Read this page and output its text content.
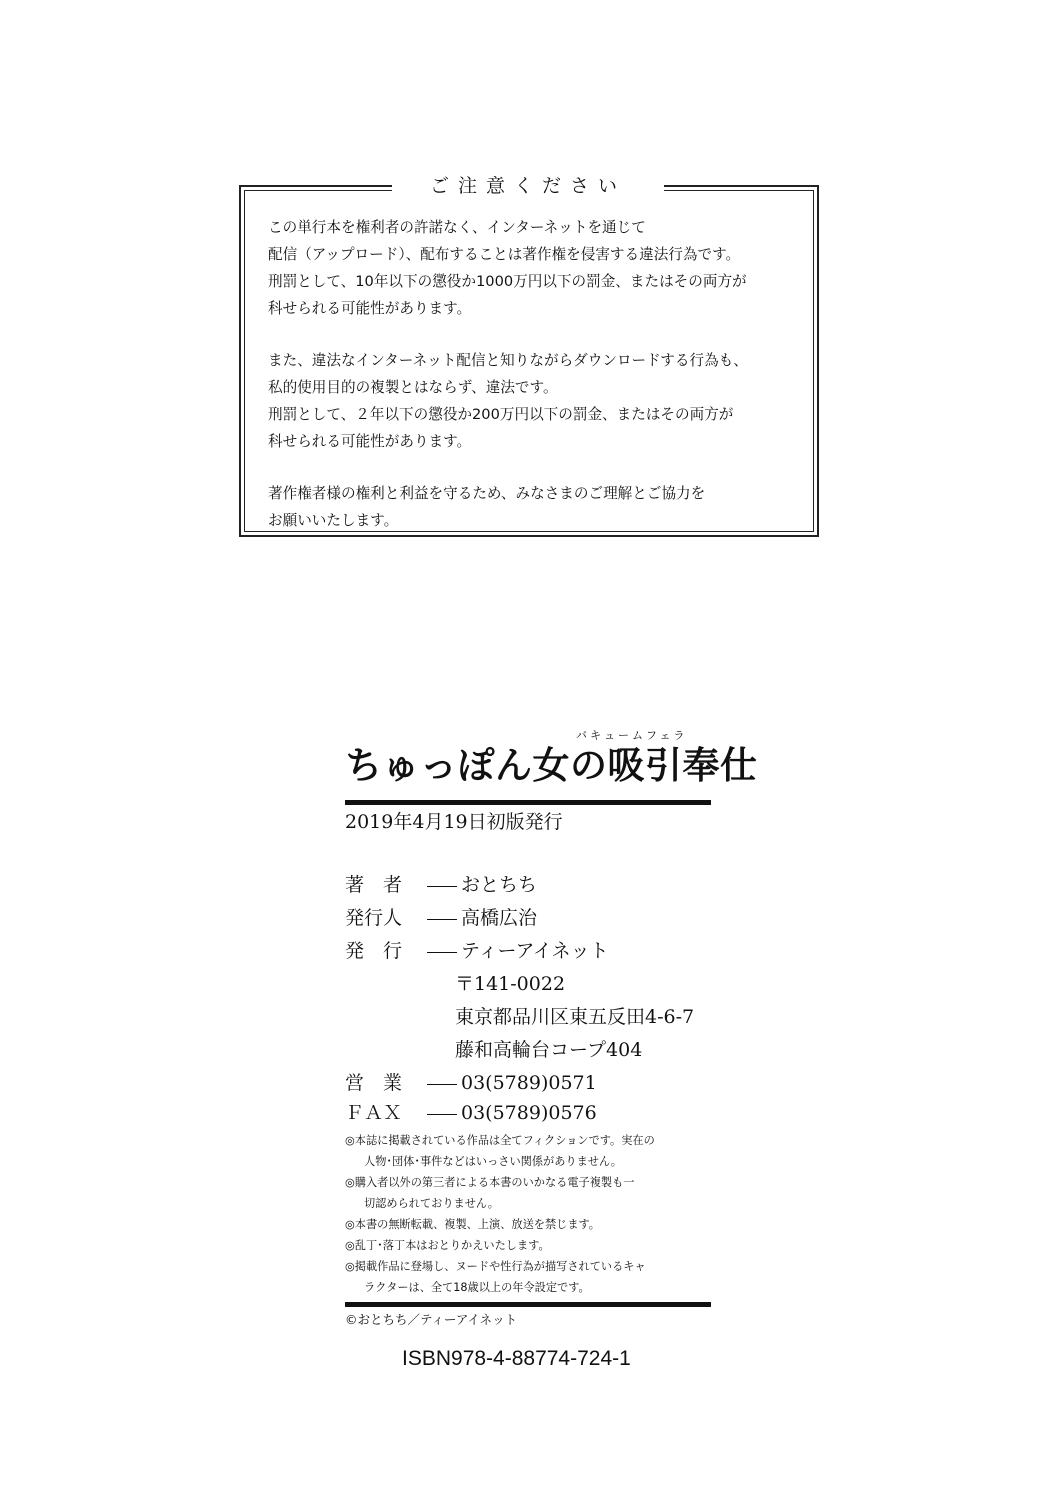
ご注意ください

この単行本を権利者の許諾なく、インターネットを通じて
配信（アップロード）、配布することは著作権を侵害する違法行為です。
刑罰として、10年以下の懲役か1000万円以下の罰金、またはその両方が
科せられる可能性があります。

また、違法なインターネット配信と知りながらダウンロードする行為も、
私的使用目的の複製とはならず、違法です。
刑罰として、２年以下の懲役か200万円以下の罰金、またはその両方が
科せられる可能性があります。

著作権者様の権利と利益を守るため、みなさまのご理解とご協力を
お願いいたします。

バキュームフェラ
ちゅっぽん女の吸引奉仕
2019年4月19日初版発行
著　者	おとちち
発行人	高橋広治
発　行	ティーアイネット
〒141-0022
東京都品川区東五反田4-6-7
藤和高輪台コープ404
営　業	03(5789)0571
ＦＡＸ	03(5789)0576
◎本誌に掲載されている作品は全てフィクションです。実在の
人物･団体･事件などはいっさい関係がありません。
◎購入者以外の第三者による本書のいかなる電子複製も一
切認められておりません。
◎本書の無断転載、複製、上演、放送を禁じます。
◎乱丁･落丁本はおとりかえいたします。
◎掲載作品に登場し、ヌードや性行為が描写されているキャ
ラクターは、全て18歳以上の年令設定です。
©おとちち／ティーアイネット
ISBN978-4-88774-724-1
